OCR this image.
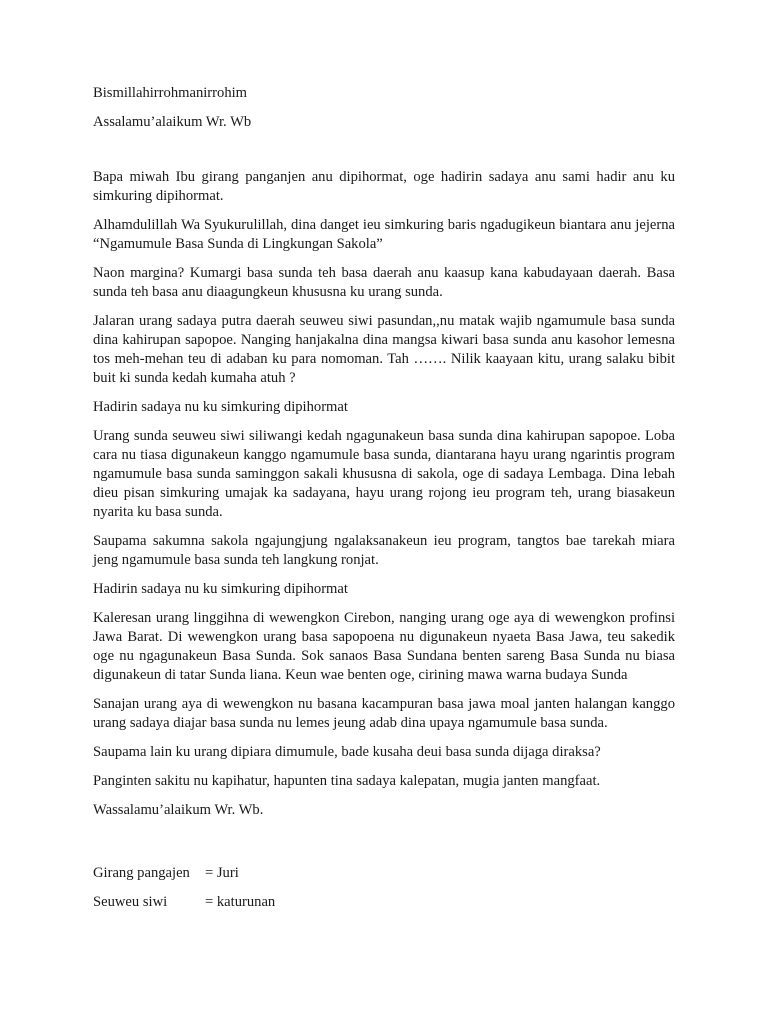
Bismillahirrohmanirrohim

Assalamu’alaikum Wr. Wb

Bapa miwah Ibu girang panganjen anu dipihormat, oge hadirin sadaya anu sami hadir anu ku simkuring dipihormat.

Alhamdulillah Wa Syukurulillah, dina danget ieu simkuring baris ngadugikeun biantara anu jejerna “Ngamumule Basa Sunda di Lingkungan Sakola”

Naon margina? Kumargi basa sunda teh basa daerah anu kaasup kana kabudayaan daerah. Basa sunda teh basa anu diaagungkeun khususna ku urang sunda.

Jalaran urang sadaya putra daerah seuweu siwi pasundan,,nu matak wajib ngamumule basa sunda dina kahirupan sapopoe. Nanging hanjakalna dina mangsa kiwari basa sunda anu kasohor lemesna tos meh-mehan teu di adaban ku para nomoman. Tah ……. Nilik kaayaan kitu, urang salaku bibit buit ki sunda kedah kumaha atuh ?

Hadirin sadaya nu ku simkuring dipihormat

Urang sunda seuweu siwi siliwangi kedah ngagunakeun basa sunda dina kahirupan sapopoe. Loba cara nu tiasa digunakeun kanggo ngamumule basa sunda, diantarana hayu urang ngarintis program ngamumule basa sunda saminggon sakali khususna di sakola, oge di sadaya Lembaga. Dina lebah dieu pisan simkuring umajak ka sadayana, hayu urang rojong ieu program teh, urang biasakeun nyarita ku basa sunda.

Saupama sakumna sakola ngajungjung ngalaksanakeun ieu program, tangtos bae tarekah miara jeng ngamumule basa sunda teh langkung ronjat.

Hadirin sadaya nu ku simkuring dipihormat

Kaleresan urang linggihna di wewengkon Cirebon, nanging urang oge aya di wewengkon profinsi Jawa Barat. Di wewengkon urang basa sapopoena nu digunakeun nyaeta Basa Jawa, teu sakedik oge nu ngagunakeun Basa Sunda. Sok sanaos Basa Sundana benten sareng Basa Sunda nu biasa digunakeun di tatar Sunda liana. Keun wae benten oge, cirining mawa warna budaya Sunda

Sanajan urang aya di wewengkon nu basana kacampuran basa jawa moal janten halangan kanggo urang sadaya diajar basa sunda nu lemes jeung adab dina upaya ngamumule basa sunda.

Saupama lain ku urang dipiara dimumule, bade kusaha deui basa sunda dijaga diraksa?

Panginten sakitu nu kapihatur, hapunten tina sadaya kalepatan, mugia janten mangfaat.

Wassalamu’alaikum Wr. Wb.

Girang pangajen	= Juri
Seuweu siwi	= katurunan
